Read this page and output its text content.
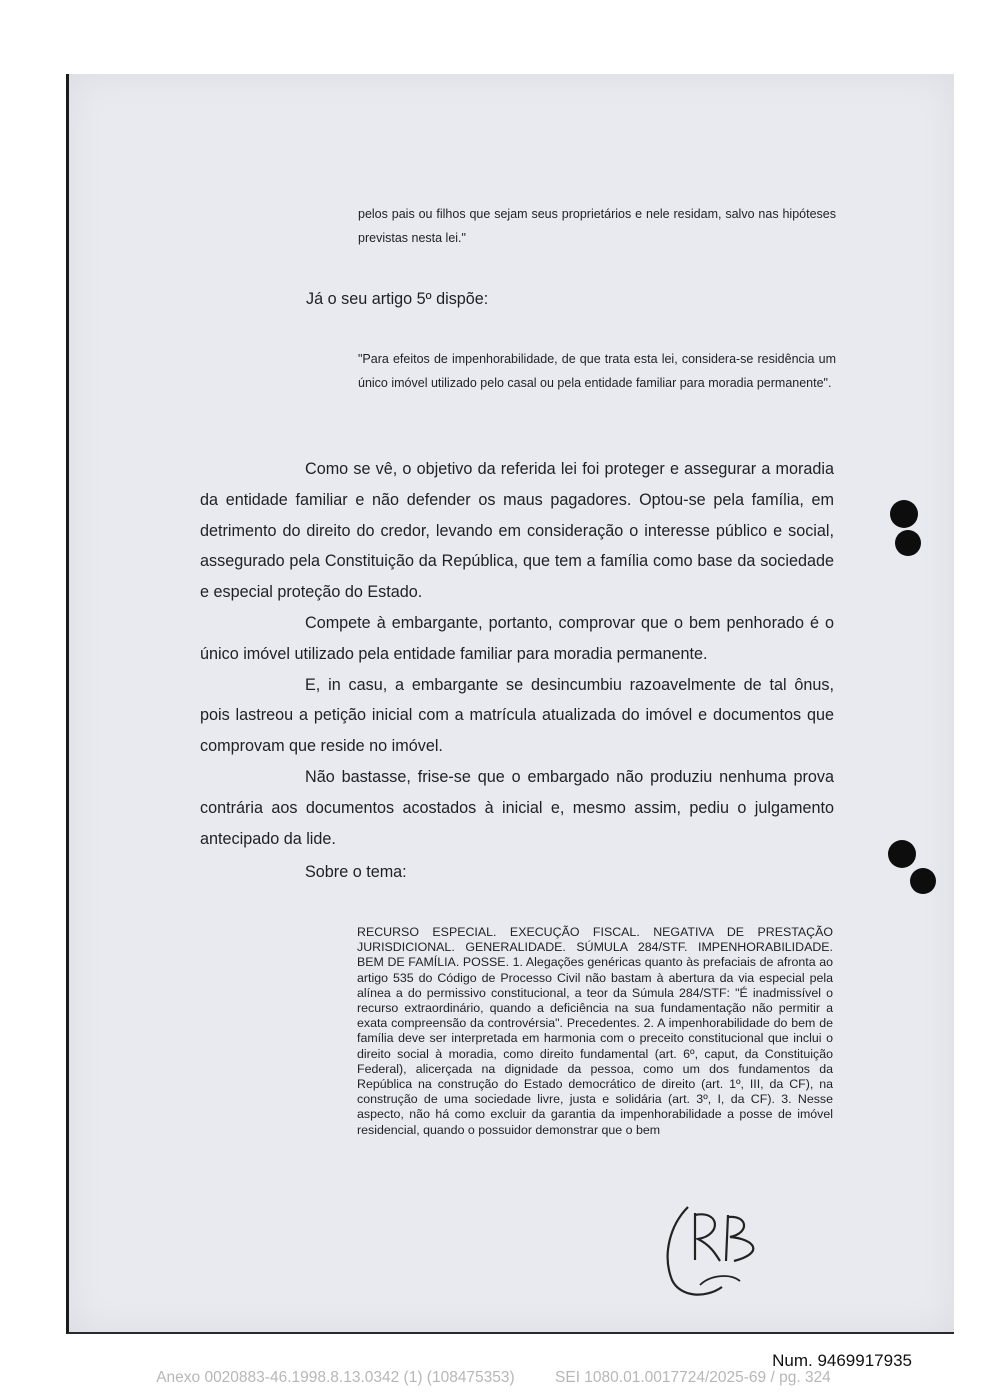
pelos pais ou filhos que sejam seus proprietários e nele residam, salvo nas hipóteses previstas nesta lei."

Já o seu artigo 5º dispõe:

"Para efeitos de impenhorabilidade, de que trata esta lei, considera-se residência um único imóvel utilizado pelo casal ou pela entidade familiar para moradia permanente".

Como se vê, o objetivo da referida lei foi proteger e assegurar a moradia da entidade familiar e não defender os maus pagadores. Optou-se pela família, em detrimento do direito do credor, levando em consideração o interesse público e social, assegurado pela Constituição da República, que tem a família como base da sociedade e especial proteção do Estado.

Compete à embargante, portanto, comprovar que o bem penhorado é o único imóvel utilizado pela entidade familiar para moradia permanente.

E, in casu, a embargante se desincumbiu razoavelmente de tal ônus, pois lastreou a petição inicial com a matrícula atualizada do imóvel e documentos que comprovam que reside no imóvel.

Não bastasse, frise-se que o embargado não produziu nenhuma prova contrária aos documentos acostados à inicial e, mesmo assim, pediu o julgamento antecipado da lide.

Sobre o tema:

RECURSO ESPECIAL. EXECUÇÃO FISCAL. NEGATIVA DE PRESTAÇÃO JURISDICIONAL. GENERALIDADE. SÚMULA 284/STF. IMPENHORABILIDADE. BEM DE FAMÍLIA. POSSE. 1. Alegações genéricas quanto às prefaciais de afronta ao artigo 535 do Código de Processo Civil não bastam à abertura da via especial pela alínea a do permissivo constitucional, a teor da Súmula 284/STF: "É inadmissível o recurso extraordinário, quando a deficiência na sua fundamentação não permitir a exata compreensão da controvérsia". Precedentes. 2. A impenhorabilidade do bem de família deve ser interpretada em harmonia com o preceito constitucional que inclui o direito social à moradia, como direito fundamental (art. 6º, caput, da Constituição Federal), alicerçada na dignidade da pessoa, como um dos fundamentos da República na construção do Estado democrático de direito (art. 1º, III, da CF), na construção de uma sociedade livre, justa e solidária (art. 3º, I, da CF). 3. Nesse aspecto, não há como excluir da garantia da impenhorabilidade a posse de imóvel residencial, quando o possuidor demonstrar que o bem

Num. 9469917935
Anexo 0020883-46.1998.8.13.0342 (1) (108475353)	SEI 1080.01.0017724/2025-69 / pg. 324
